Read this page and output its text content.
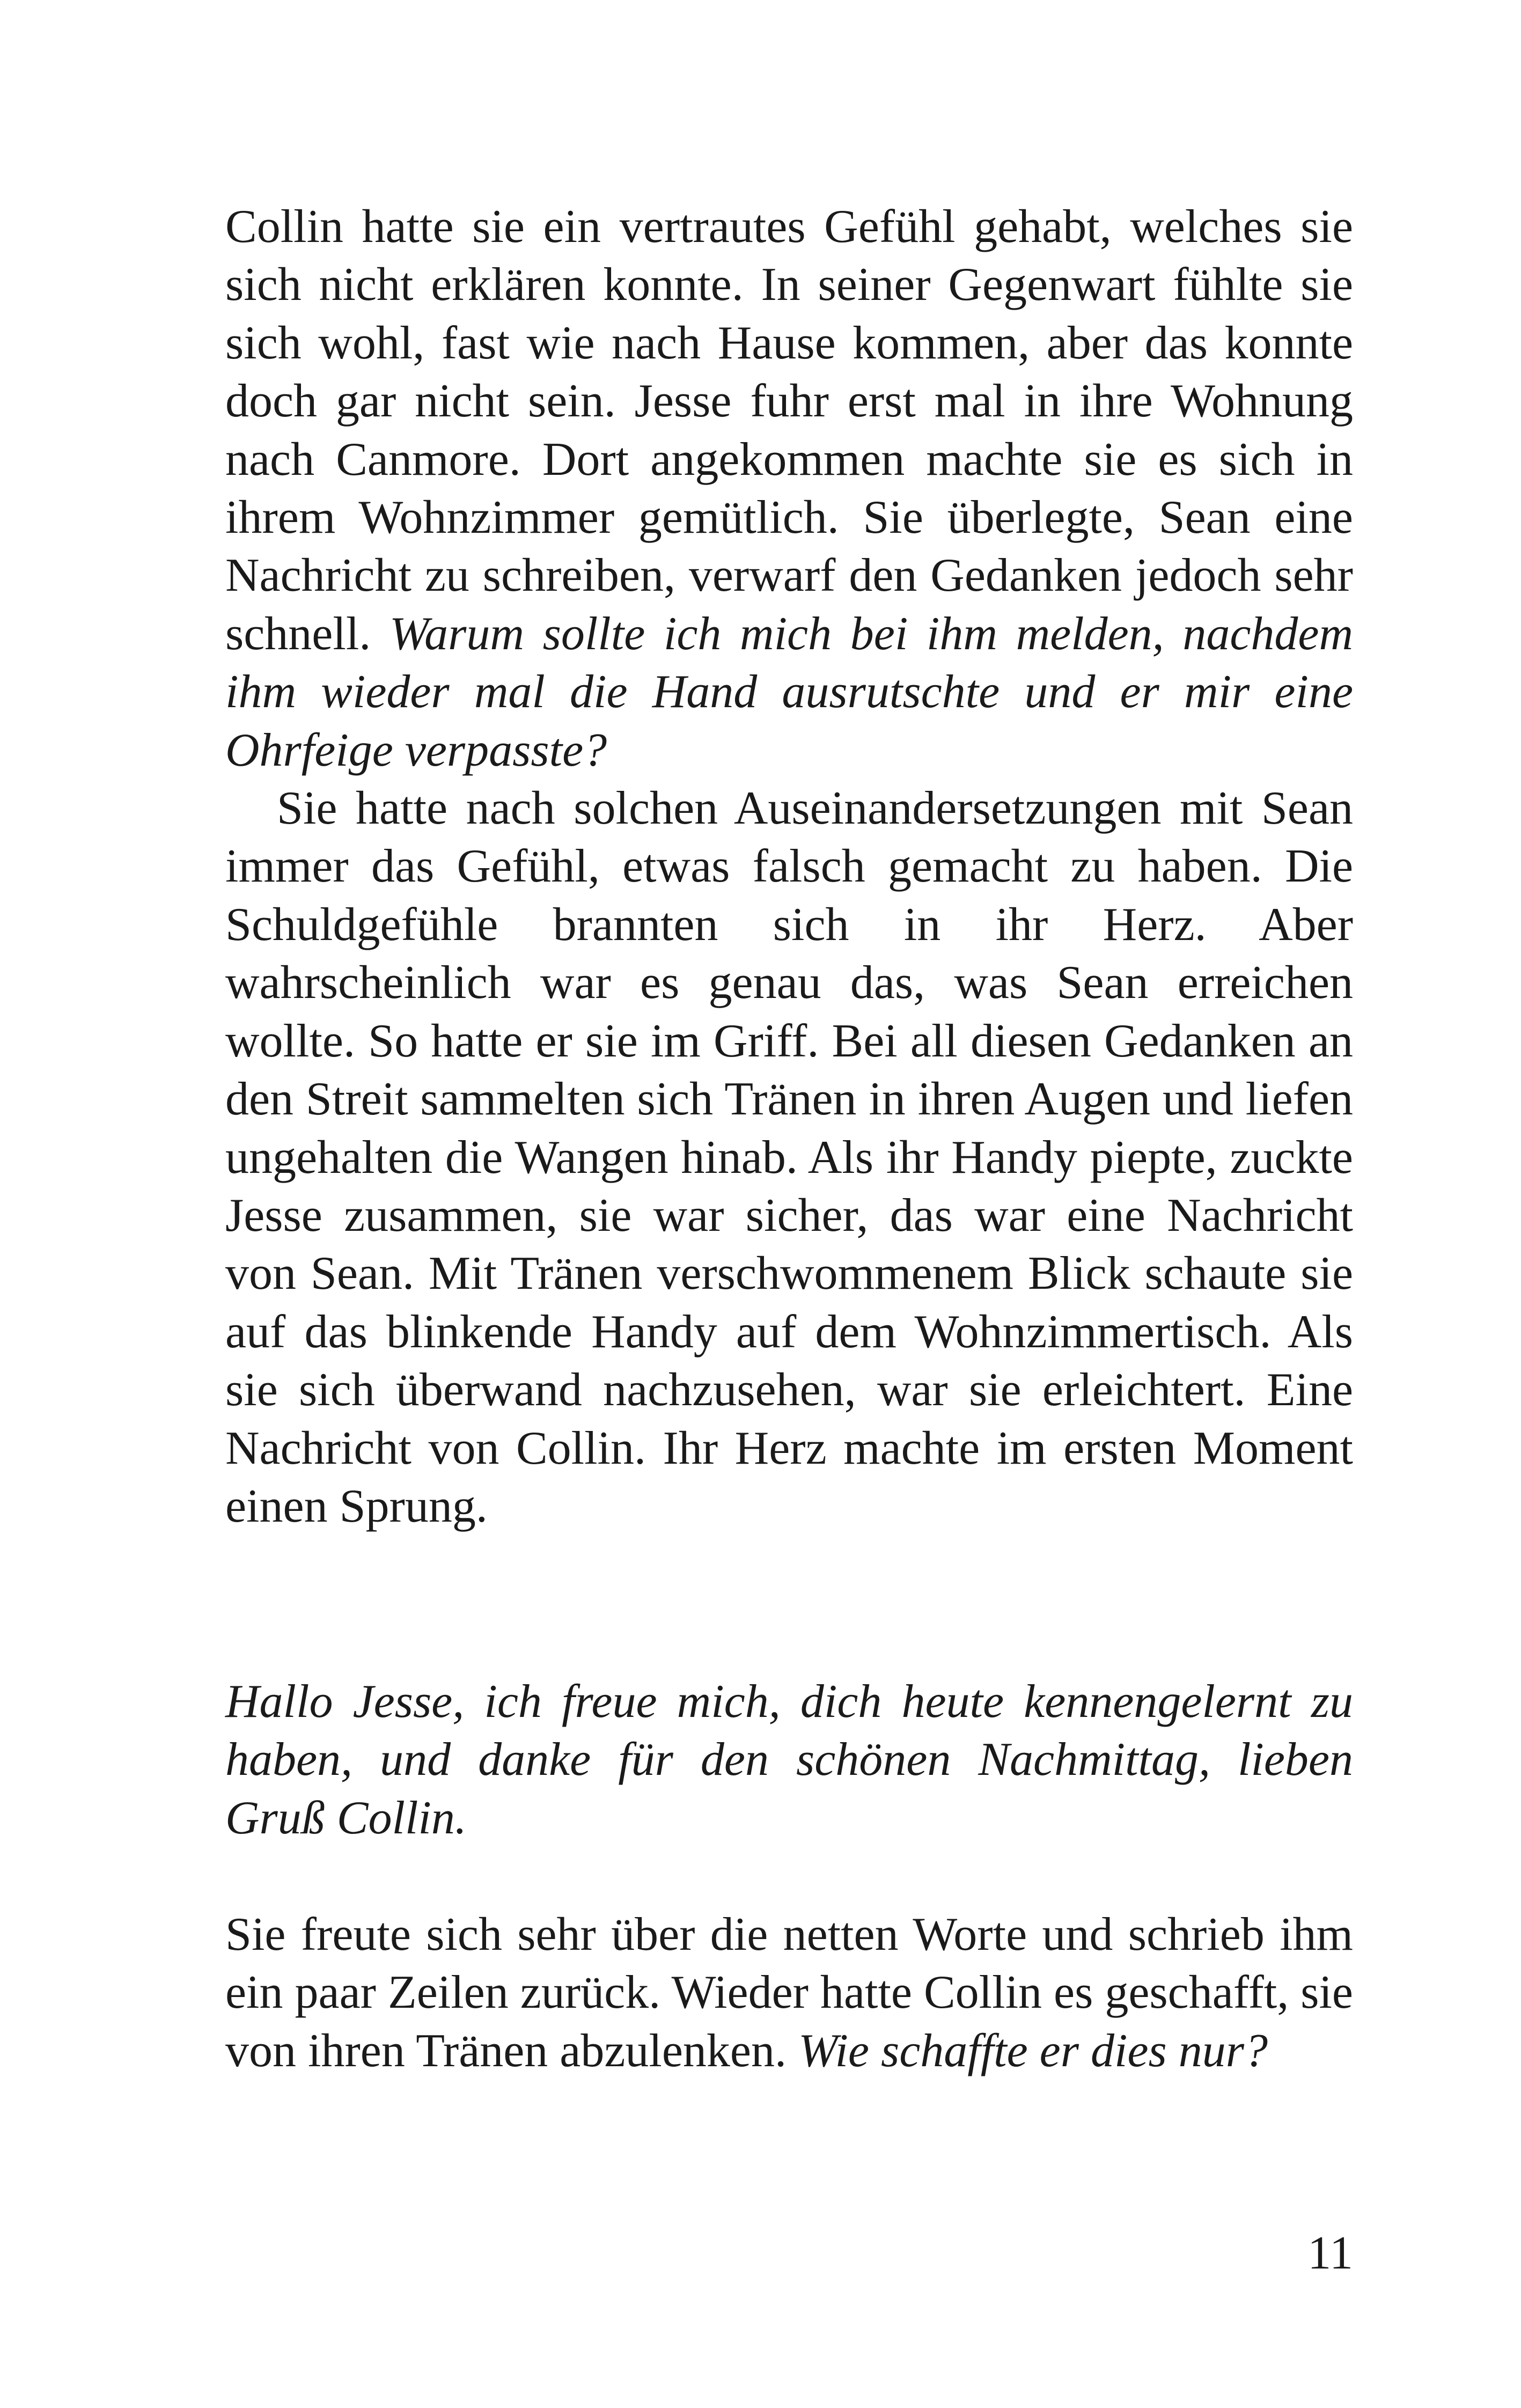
Collin hatte sie ein vertrautes Gefühl gehabt, welches sie sich nicht erklären konnte. In seiner Gegenwart fühlte sie sich wohl, fast wie nach Hause kommen, aber das konnte doch gar nicht sein. Jesse fuhr erst mal in ihre Wohnung nach Canmore. Dort angekommen machte sie es sich in ihrem Wohnzimmer gemütlich. Sie überlegte, Sean eine Nachricht zu schreiben, verwarf den Gedanken jedoch sehr schnell. Warum sollte ich mich bei ihm melden, nachdem ihm wieder mal die Hand ausrutschte und er mir eine Ohrfeige verpasste?

Sie hatte nach solchen Auseinandersetzungen mit Sean immer das Gefühl, etwas falsch gemacht zu haben. Die Schuldgefühle brannten sich in ihr Herz. Aber wahrscheinlich war es genau das, was Sean erreichen wollte. So hatte er sie im Griff. Bei all diesen Gedanken an den Streit sammelten sich Tränen in ihren Augen und liefen ungehalten die Wangen hinab. Als ihr Handy piepte, zuckte Jesse zusammen, sie war sicher, das war eine Nachricht von Sean. Mit Tränen verschwommenem Blick schaute sie auf das blinkende Handy auf dem Wohnzimmertisch. Als sie sich überwand nachzusehen, war sie erleichtert. Eine Nachricht von Collin. Ihr Herz machte im ersten Moment einen Sprung.

Hallo Jesse, ich freue mich, dich heute kennengelernt zu haben, und danke für den schönen Nachmittag, lieben Gruß Collin.

Sie freute sich sehr über die netten Worte und schrieb ihm ein paar Zeilen zurück. Wieder hatte Collin es geschafft, sie von ihren Tränen abzulenken. Wie schaffte er dies nur?

11
